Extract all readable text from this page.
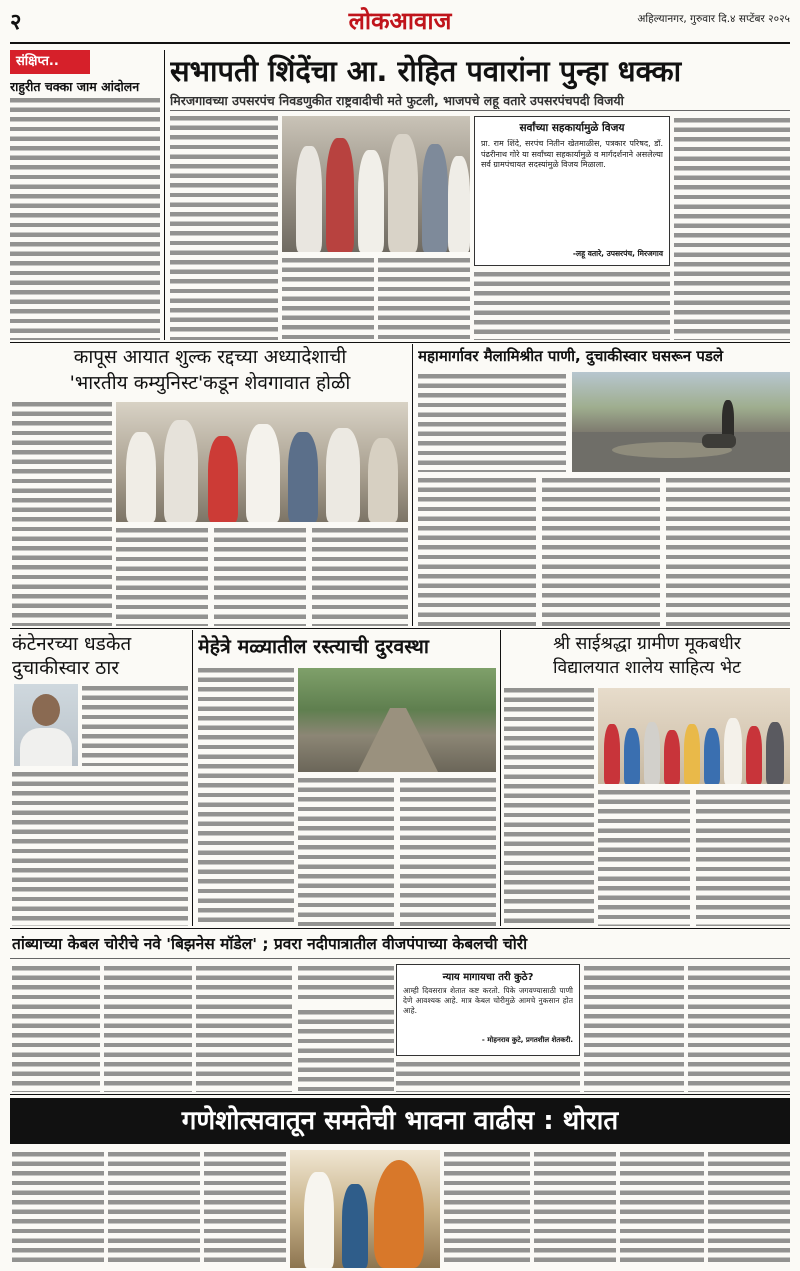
२	लोकआवाज	अहिल्यानगर, गुरुवार दि.४ सप्टेंबर २०२५
संक्षिप्त..
राहुरीत चक्का जाम आंदोलन	सभापती शिंदेंचा आ. रोहित पवारांना पुन्हा धक्का
मिरजगावच्या उपसरपंच निवडणुकीत राष्ट्रवादीची मते फुटली, भाजपचे लहू वतारे उपसरपंचपदी विजयी
सर्वांच्या सहकार्यामुळे विजय
प्रा. राम शिंदे, सरपंच नितीन खेतमाळीस, पत्रकार परिषद, डॉ. पंढरीनाथ गोरे या सर्वांच्या सहकार्यामुळे व मार्गदर्शनाने असलेल्या सर्व ग्रामपंचायत सदस्यांमुळे विजय मिळाला.
-लहू वतारे, उपसरपंच, मिरजगाव
कापूस आयात शुल्क रद्दच्या अध्यादेशाची
'भारतीय कम्युनिस्ट'कडून शेवगावात होळी
महामार्गावर मैलामिश्रीत पाणी, दुचाकीस्वार घसरून पडले
कंटेनरच्या धडकेत
दुचाकीस्वार ठार
मेहेत्रे मळ्यातील रस्त्याची दुरवस्था	श्री साईश्रद्धा ग्रामीण मूकबधीर
विद्यालयात शालेय साहित्य भेट
तांब्याच्या केबल चोरीचे नवे 'बिझनेस मॉडेल' ; प्रवरा नदीपात्रातील वीजपंपाच्या केबलची चोरी
न्याय मागायचा तरी कुठे?
आम्ही दिवसरात्र शेतात कष्ट करतो. पिके जगवण्यासाठी पाणी देणे आवश्यक आहे. मात्र केबल चोरीमुळे आमचे नुकसान होत आहे.
- मोहनराव कुटे, प्रगतशील शेतकरी.
गणेशोत्सवातून समतेची भावना वाढीस : थोरात
